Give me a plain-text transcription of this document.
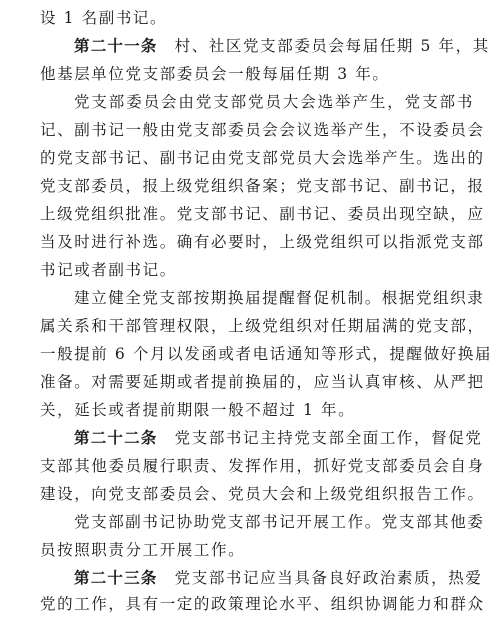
设 1 名副书记。
第二十一条　村、社区党支部委员会每届任期 5 年，其
他基层单位党支部委员会一般每届任期 3 年。
党支部委员会由党支部党员大会选举产生，党支部书
记、副书记一般由党支部委员会会议选举产生，不设委员会
的党支部书记、副书记由党支部党员大会选举产生。选出的
党支部委员，报上级党组织备案；党支部书记、副书记，报
上级党组织批准。党支部书记、副书记、委员出现空缺，应
当及时进行补选。确有必要时，上级党组织可以指派党支部
书记或者副书记。
建立健全党支部按期换届提醒督促机制。根据党组织隶
属关系和干部管理权限，上级党组织对任期届满的党支部，
一般提前 6 个月以发函或者电话通知等形式，提醒做好换届
准备。对需要延期或者提前换届的，应当认真审核、从严把
关，延长或者提前期限一般不超过 1 年。
第二十二条　党支部书记主持党支部全面工作，督促党
支部其他委员履行职责、发挥作用，抓好党支部委员会自身
建设，向党支部委员会、党员大会和上级党组织报告工作。
党支部副书记协助党支部书记开展工作。党支部其他委
员按照职责分工开展工作。
第二十三条　党支部书记应当具备良好政治素质，热爱
党的工作，具有一定的政策理论水平、组织协调能力和群众
